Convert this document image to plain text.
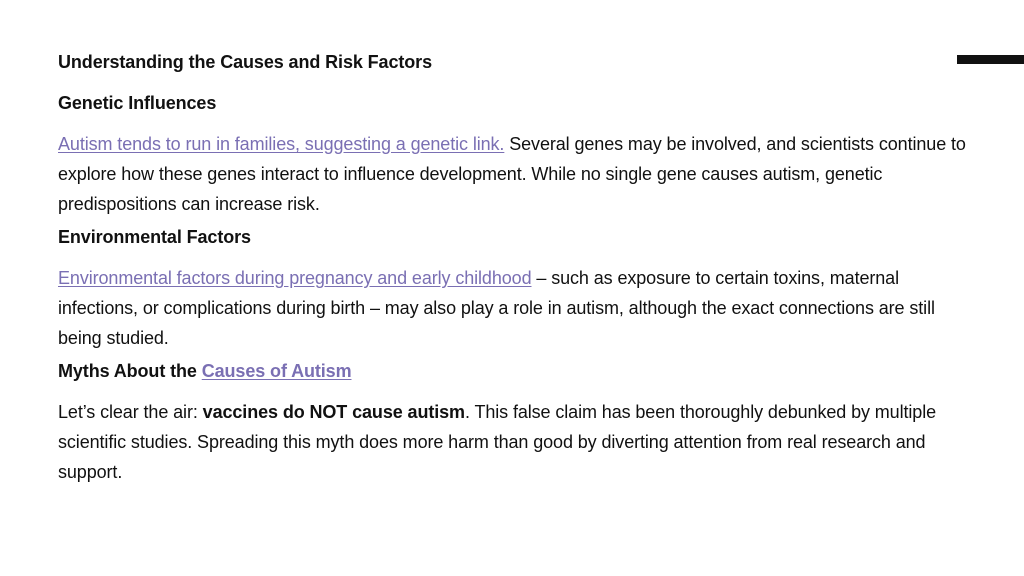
Understanding the Causes and Risk Factors
Genetic Influences

Autism tends to run in families, suggesting a genetic link. Several genes may be involved, and scientists continue to explore how these genes interact to influence development. While no single gene causes autism, genetic predispositions can increase risk.

Environmental Factors

Environmental factors during pregnancy and early childhood – such as exposure to certain toxins, maternal infections, or complications during birth – may also play a role in autism, although the exact connections are still being studied.

Myths About the Causes of Autism

Let’s clear the air: vaccines do NOT cause autism. This false claim has been thoroughly debunked by multiple scientific studies. Spreading this myth does more harm than good by diverting attention from real research and support.
